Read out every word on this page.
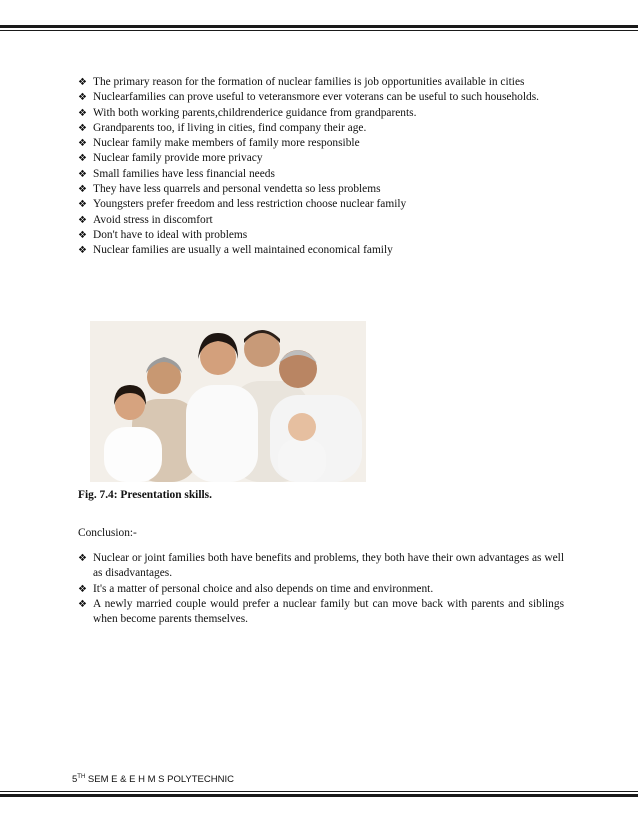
❖ The primary reason for the formation of nuclear families is job opportunities available in cities
❖ Nuclearfamilies can prove useful to veteransmore ever voterans can be useful to such households.
❖ With both working parents,childrenderice guidance from grandparents.
❖ Grandparents too, if living in cities, find company their age.
❖ Nuclear family make members of family more responsible
❖ Nuclear family provide more privacy
❖ Small families have less financial needs
❖ They have less quarrels and personal vendetta so less problems
❖ Youngsters prefer freedom and less restriction choose nuclear family
❖ Avoid stress in discomfort
❖ Don't have to ideal with problems
❖ Nuclear families are usually a well maintained economical family
Fig. 7.4: Presentation skills.
Conclusion:-
❖ Nuclear or joint families both have benefits and problems, they both have their own advantages as well as disadvantages.
❖ It's a matter of personal choice and also depends on time and environment.
❖ A newly married couple would prefer a nuclear family but can move back with parents and siblings when become parents themselves.
5TH SEM E & E H M S POLYTECHNIC
